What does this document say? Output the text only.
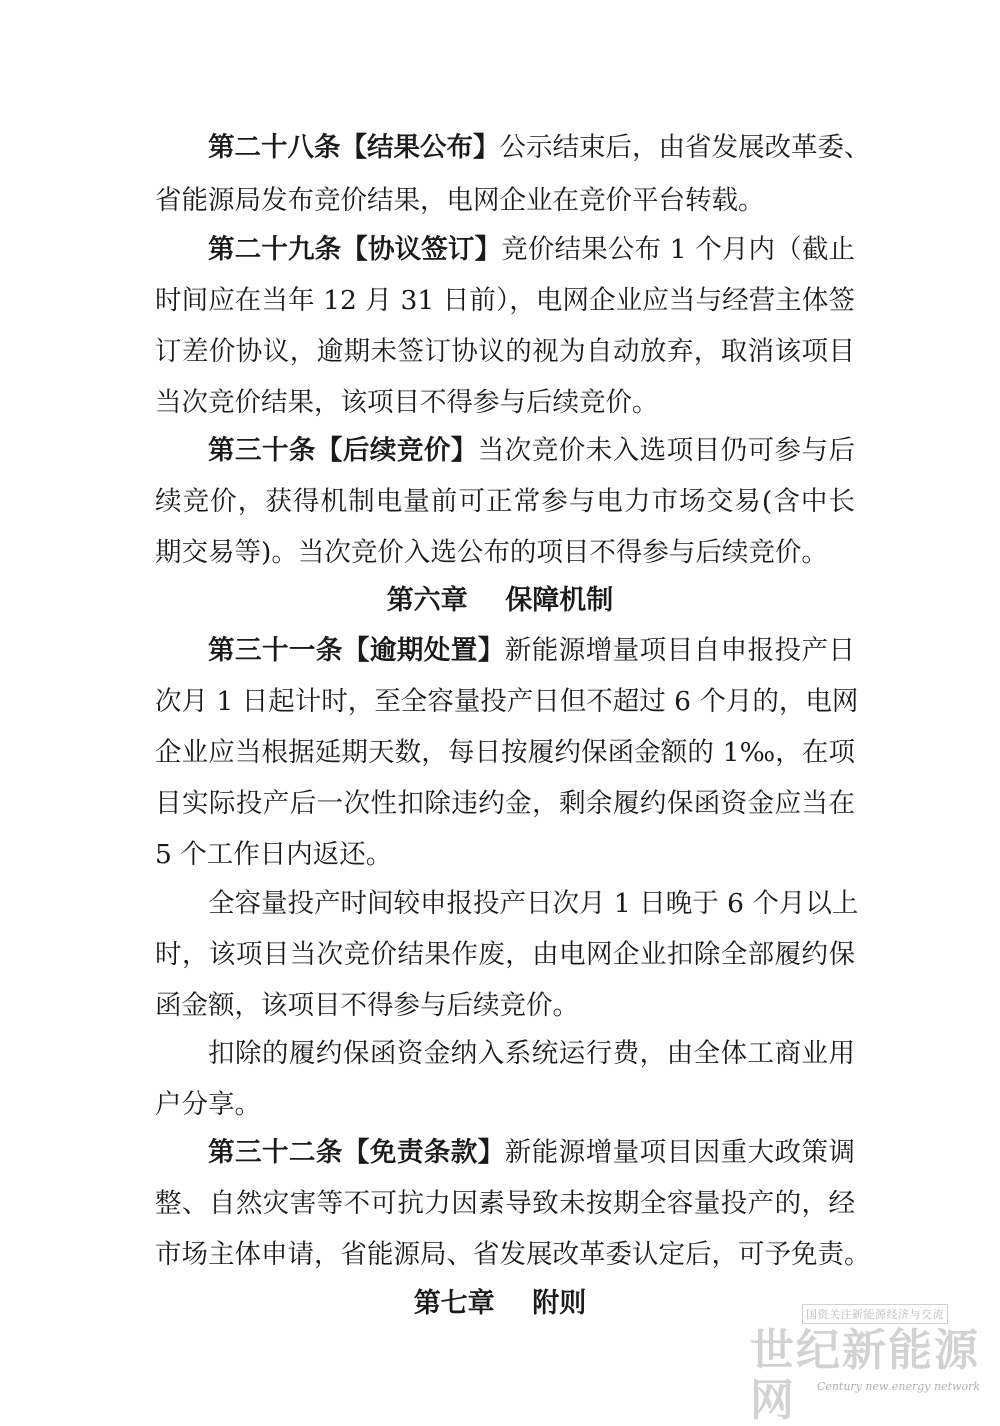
第二十八条【结果公布】公示结束后，由省发展改革委、
省能源局发布竞价结果，电网企业在竞价平台转载。
第二十九条【协议签订】竞价结果公布 1 个月内（截止
时间应在当年 12 月 31 日前），电网企业应当与经营主体签
订差价协议，逾期未签订协议的视为自动放弃，取消该项目
当次竞价结果，该项目不得参与后续竞价。
第三十条【后续竞价】当次竞价未入选项目仍可参与后
续竞价，获得机制电量前可正常参与电力市场交易(含中长
期交易等)。当次竞价入选公布的项目不得参与后续竞价。
第六章    保障机制
第三十一条【逾期处置】新能源增量项目自申报投产日
次月 1 日起计时，至全容量投产日但不超过 6 个月的，电网
企业应当根据延期天数，每日按履约保函金额的 1‰，在项
目实际投产后一次性扣除违约金，剩余履约保函资金应当在
5 个工作日内返还。
全容量投产时间较申报投产日次月 1 日晚于 6 个月以上
时，该项目当次竞价结果作废，由电网企业扣除全部履约保
函金额，该项目不得参与后续竞价。
扣除的履约保函资金纳入系统运行费，由全体工商业用
户分享。
第三十二条【免责条款】新能源增量项目因重大政策调
整、自然灾害等不可抗力因素导致未按期全容量投产的，经
市场主体申请，省能源局、省发展改革委认定后，可予免责。
第七章    附则	国资关注新能源经济与交流
世纪新能源网	Century new energy network
